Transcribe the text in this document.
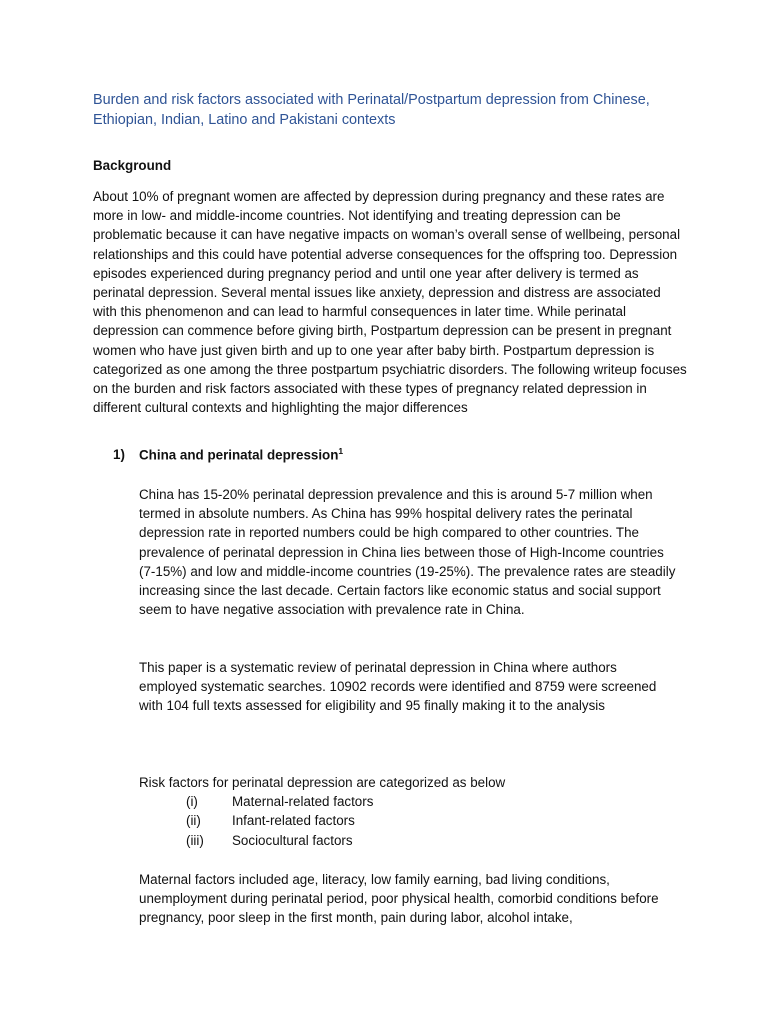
Burden and risk factors associated with Perinatal/Postpartum depression from Chinese, Ethiopian, Indian, Latino and Pakistani contexts
Background

About 10% of pregnant women are affected by depression during pregnancy and these rates are more in low- and middle-income countries. Not identifying and treating depression can be problematic because it can have negative impacts on woman’s overall sense of wellbeing, personal relationships and this could have potential adverse consequences for the offspring too. Depression episodes experienced during pregnancy period and until one year after delivery is termed as perinatal depression. Several mental issues like anxiety, depression and distress are associated with this phenomenon and can lead to harmful consequences in later time. While perinatal depression can commence before giving birth, Postpartum depression can be present in pregnant women who have just given birth and up to one year after baby birth. Postpartum depression is categorized as one among the three postpartum psychiatric disorders. The following writeup focuses on the burden and risk factors associated with these types of pregnancy related depression in different cultural contexts and highlighting the major differences

1) China and perinatal depression$^1$

China has 15-20% perinatal depression prevalence and this is around 5-7 million when termed in absolute numbers. As China has 99% hospital delivery rates the perinatal depression rate in reported numbers could be high compared to other countries. The prevalence of perinatal depression in China lies between those of High-Income countries (7-15%) and low and middle-income countries (19-25%). The prevalence rates are steadily increasing since the last decade. Certain factors like economic status and social support seem to have negative association with prevalence rate in China.

This paper is a systematic review of perinatal depression in China where authors employed systematic searches. 10902 records were identified and 8759 were screened with 104 full texts assessed for eligibility and 95 finally making it to the analysis

Risk factors for perinatal depression are categorized as below

(i)	Maternal-related factors
(ii)	Infant-related factors
(iii)	Sociocultural factors

Maternal factors included age, literacy, low family earning, bad living conditions, unemployment during perinatal period, poor physical health, comorbid conditions before pregnancy, poor sleep in the first month, pain during labor, alcohol intake,
